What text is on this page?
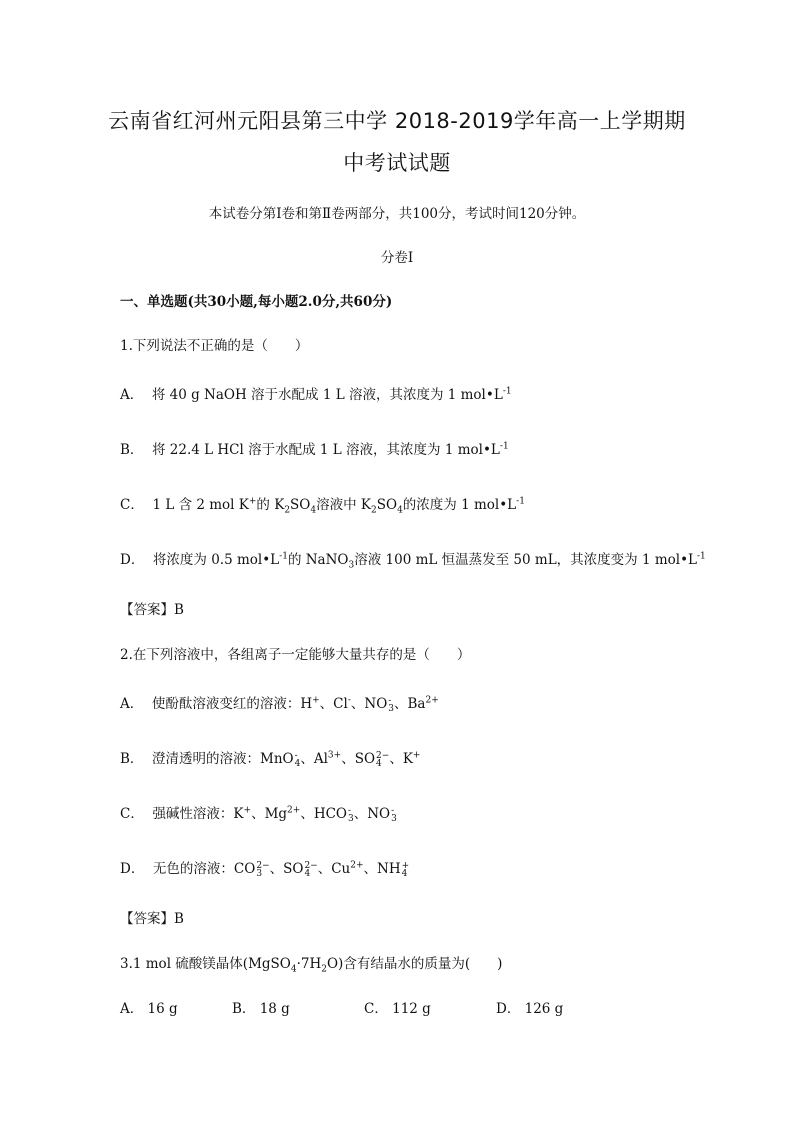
云南省红河州元阳县第三中学 2018-2019学年高一上学期期
中考试试题
本试卷分第Ⅰ卷和第Ⅱ卷两部分，共100分，考试时间120分钟。
分卷I
一、单选题(共30小题,每小题2.0分,共60分)
1.下列说法不正确的是（　　）
A． 将 40 g NaOH 溶于水配成 1 L 溶液，其浓度为 1 $mol•L^{-1}$
B． 将 22.4 L HCl 溶于水配成 1 L 溶液，其浓度为 1 $mol•L^{-1}$
C． 1 L 含 2 mol K+的 $K_2SO_4$溶液中 $K_2SO_4$的浓度为 1 $mol•L^{-1}$
D． 将浓度为 0.5 $mol•L^{-1}$的 NaNO$_3$溶液 100 mL 恒温蒸发至 50 mL，其浓度变为 1 $mol•L^{-1}$
【答案】B
2.在下列溶液中，各组离子一定能够大量共存的是（　　）
A． 使酚酞溶液变红的溶液：H+、Cl-、NO -
3 、$Ba^{2+}$
B． 澄清透明的溶液：MnO -
4 、$Al^{3+}$、SO 2−
4 、K+
C． 强碱性溶液：K+、$Mg^{2+}$、HCO -
3 、NO -
3
D． 无色的溶液：CO 2−
3 、SO 2−
4 、$Cu^{2+}$、NH +
4
【答案】B
3.1 mol 硫酸镁晶体$(MgSO_4\cdot 7H_2O)$含有结晶水的质量为(　　)
A． 16 g	B． 18 g	C． 112 g	D． 126 g
